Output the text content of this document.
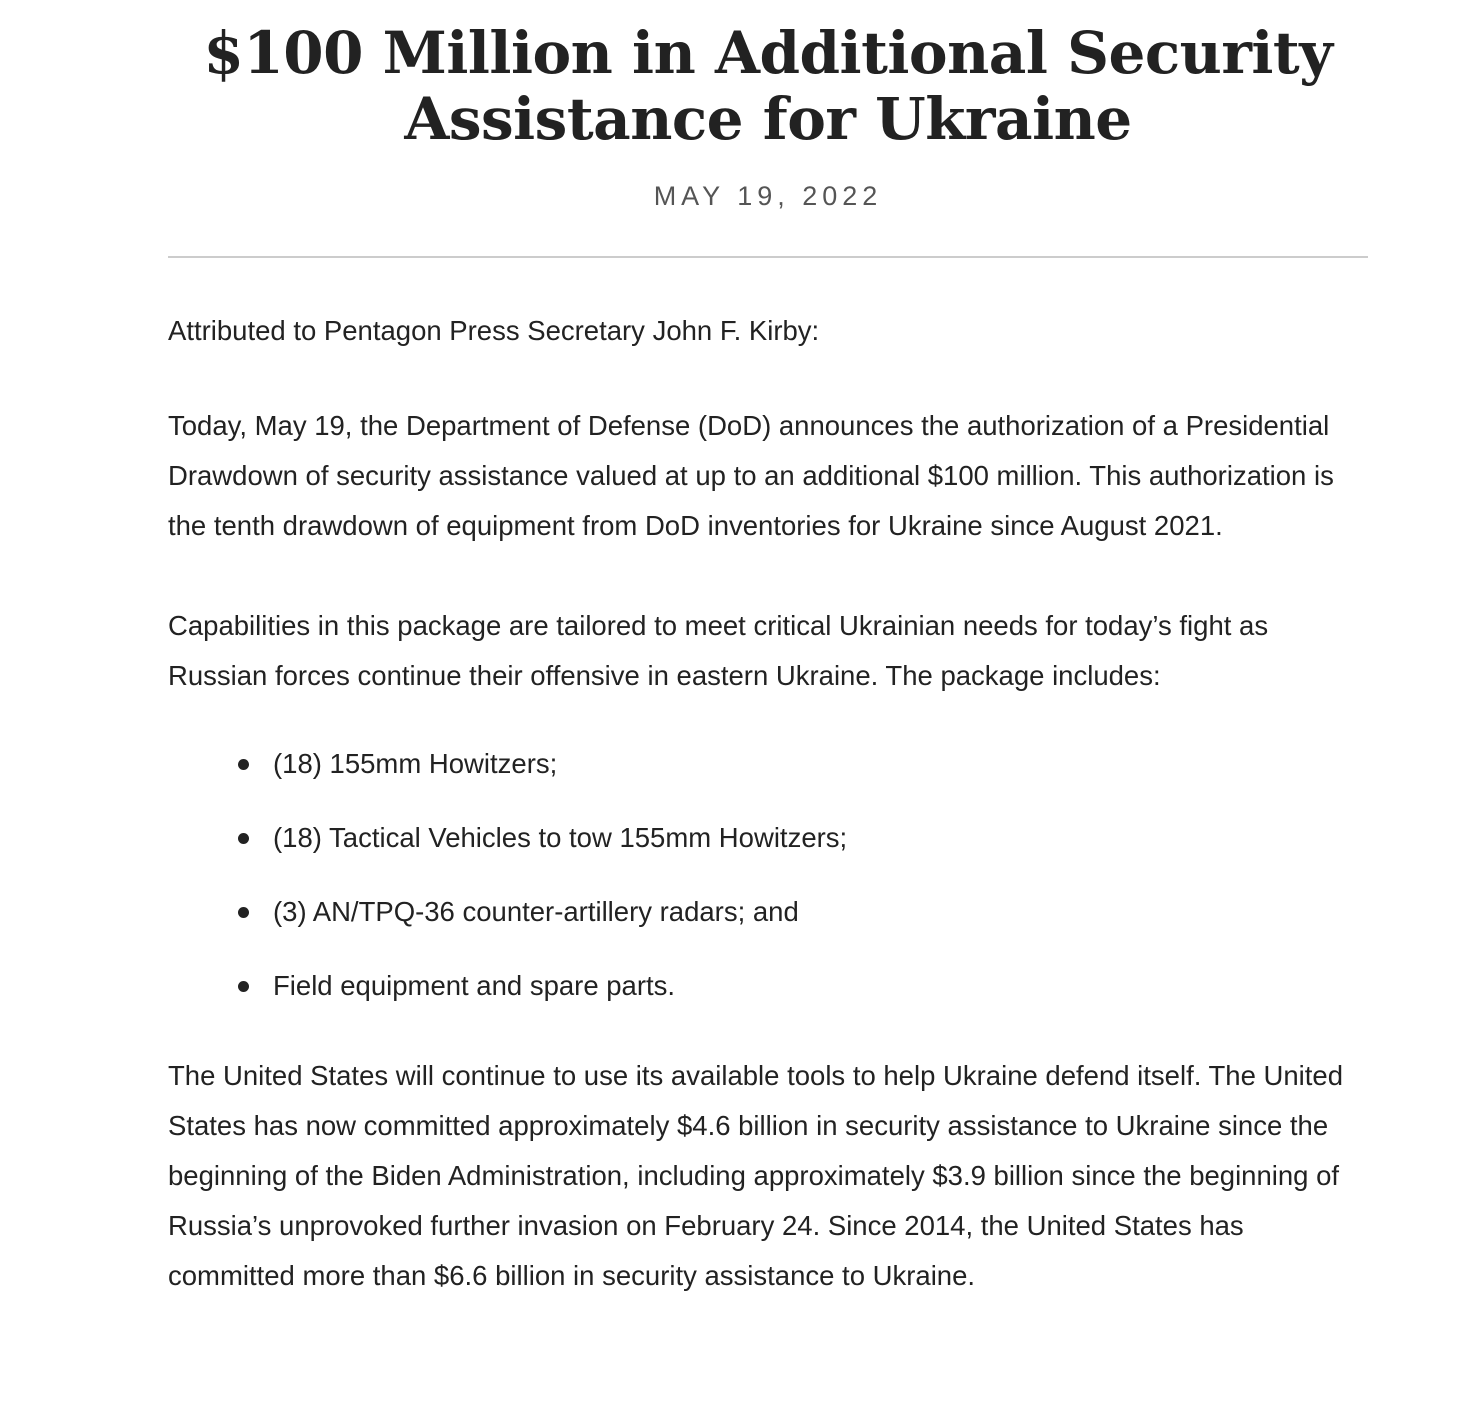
$100 Million in Additional Security
Assistance for Ukraine
MAY 19, 2022

Attributed to Pentagon Press Secretary John F. Kirby:

Today, May 19, the Department of Defense (DoD) announces the authorization of a Presidential Drawdown of security assistance valued at up to an additional $100 million. This authorization is the tenth drawdown of equipment from DoD inventories for Ukraine since August 2021.

Capabilities in this package are tailored to meet critical Ukrainian needs for today’s fight as Russian forces continue their offensive in eastern Ukraine. The package includes:

(18) 155mm Howitzers;
(18) Tactical Vehicles to tow 155mm Howitzers;
(3) AN/TPQ-36 counter-artillery radars; and
Field equipment and spare parts.

The United States will continue to use its available tools to help Ukraine defend itself. The United States has now committed approximately $4.6 billion in security assistance to Ukraine since the beginning of the Biden Administration, including approximately $3.9 billion since the beginning of Russia’s unprovoked further invasion on February 24. Since 2014, the United States has committed more than $6.6 billion in security assistance to Ukraine.
